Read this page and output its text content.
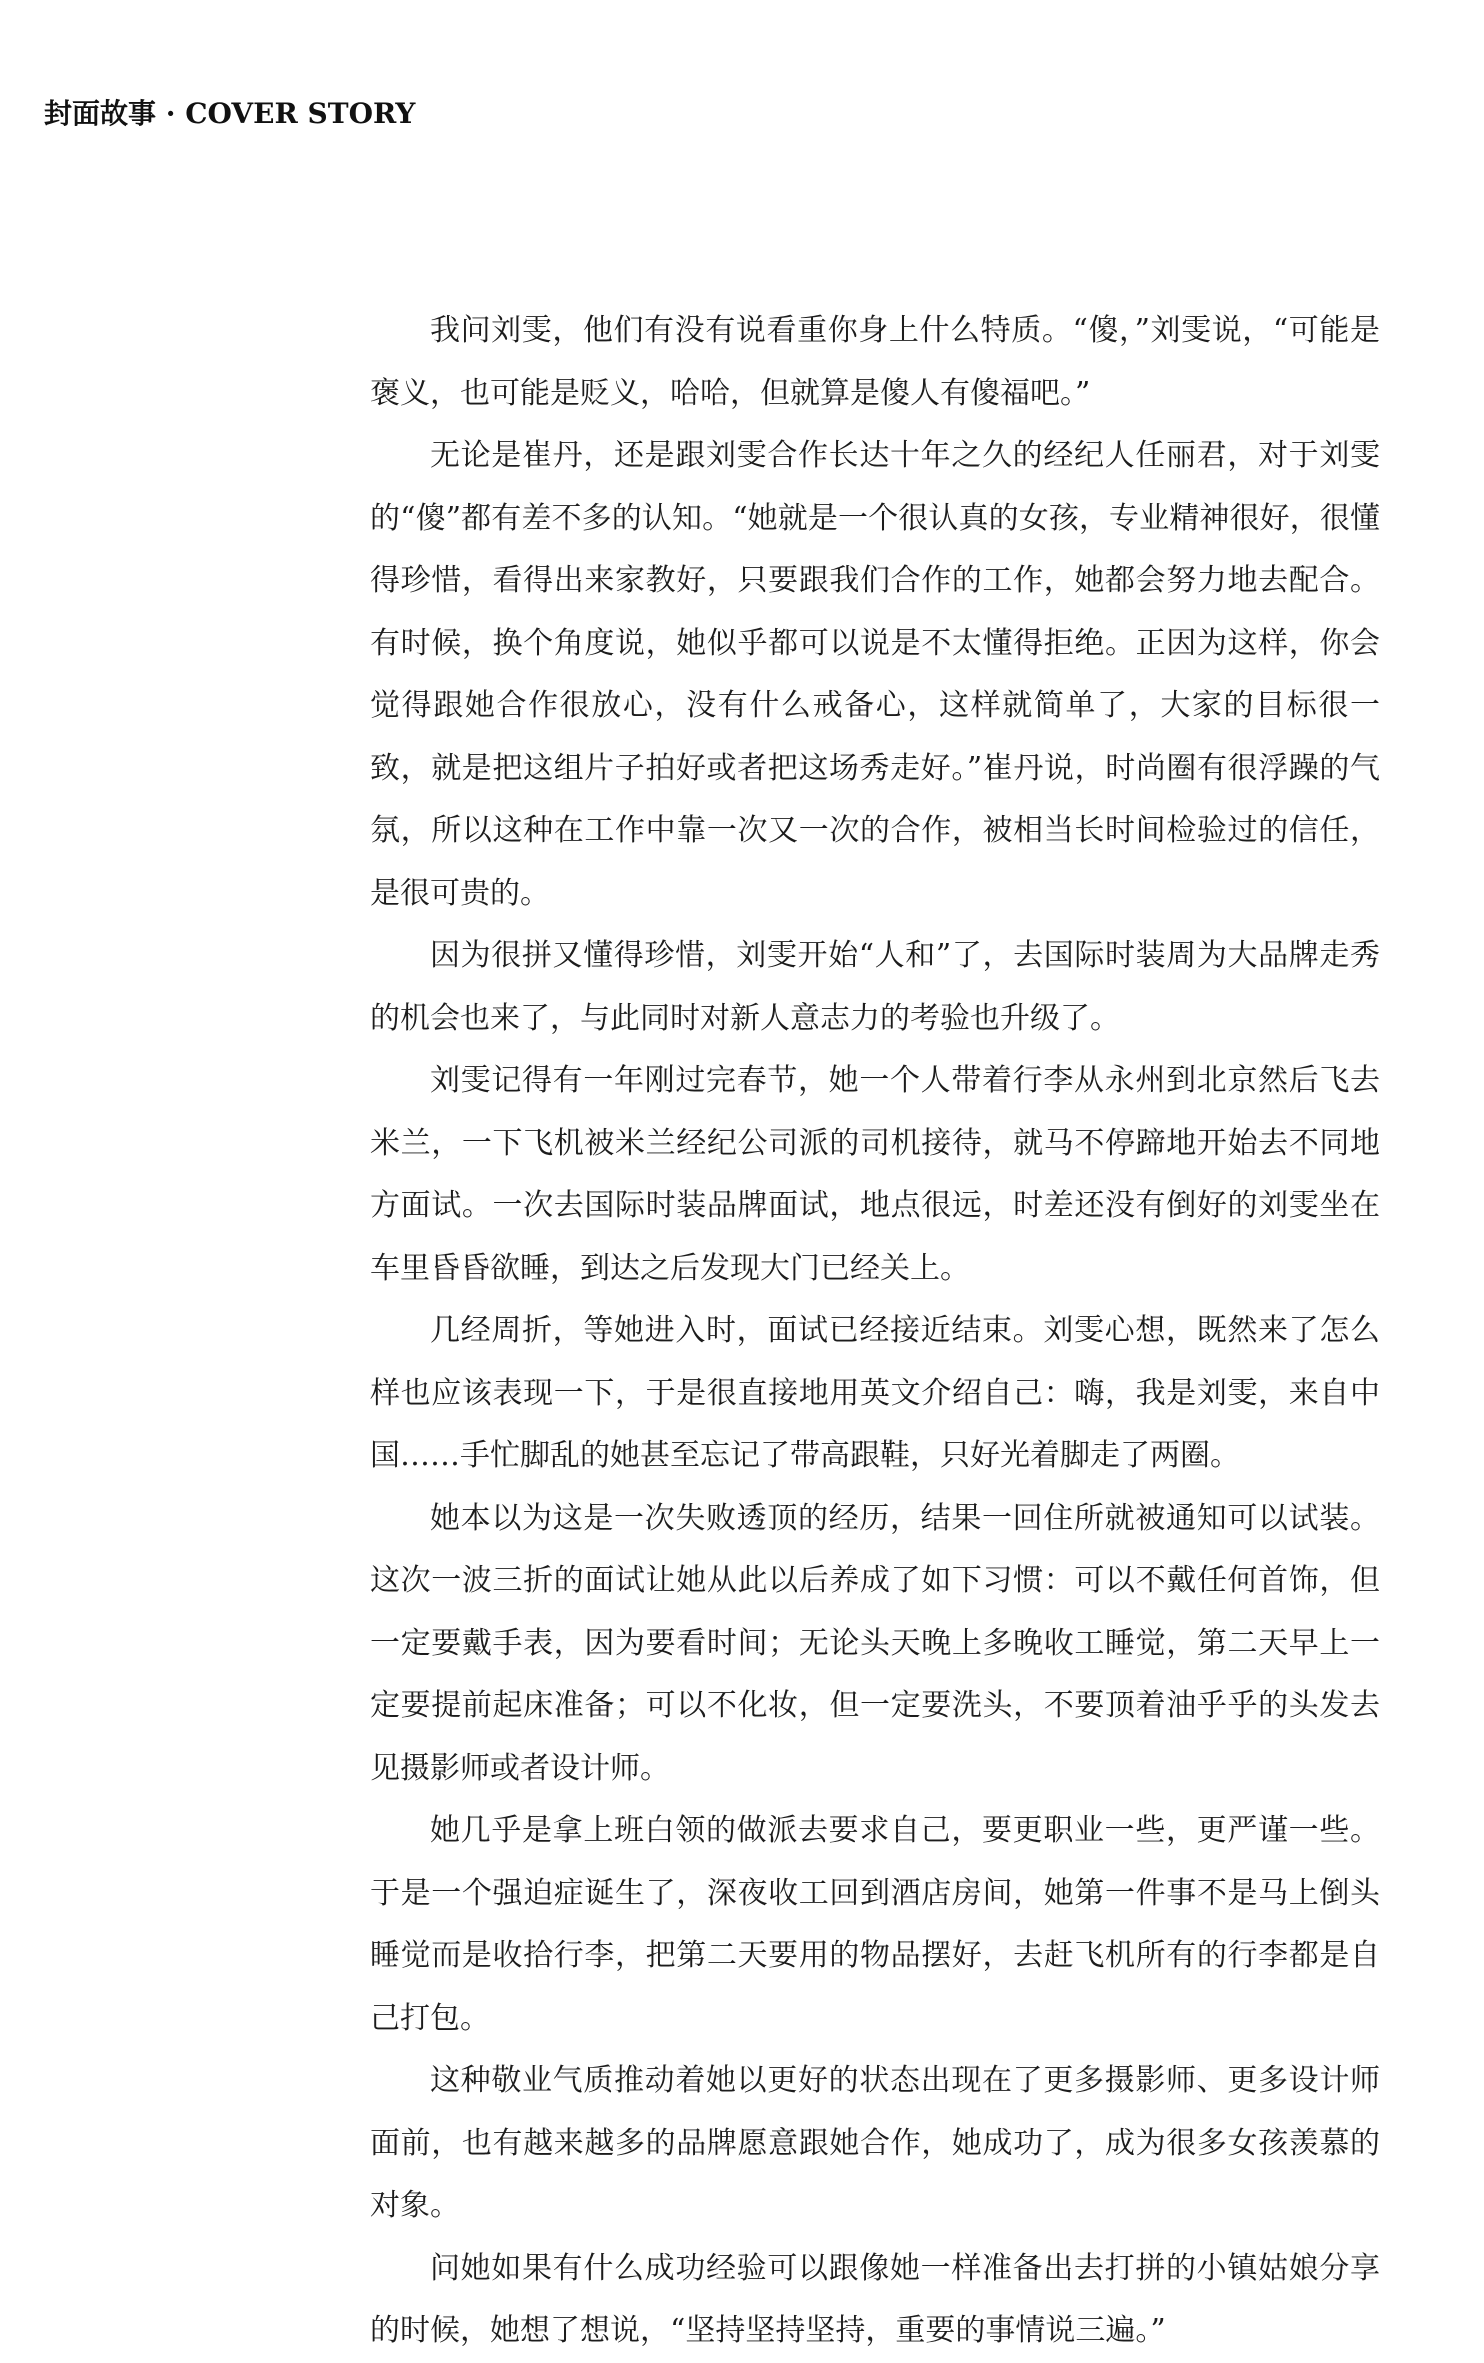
封面故事 · COVER STORY

我问刘雯，他们有没有说看重你身上什么特质。“傻，”刘雯说，“可能是褒义，也可能是贬义，哈哈，但就算是傻人有傻福吧。”

无论是崔丹，还是跟刘雯合作长达十年之久的经纪人任丽君，对于刘雯的“傻”都有差不多的认知。“她就是一个很认真的女孩，专业精神很好，很懂得珍惜，看得出来家教好，只要跟我们合作的工作，她都会努力地去配合。有时候，换个角度说，她似乎都可以说是不太懂得拒绝。正因为这样，你会觉得跟她合作很放心，没有什么戒备心，这样就简单了，大家的目标很一致，就是把这组片子拍好或者把这场秀走好。”崔丹说，时尚圈有很浮躁的气氛，所以这种在工作中靠一次又一次的合作，被相当长时间检验过的信任，是很可贵的。

因为很拼又懂得珍惜，刘雯开始“人和”了，去国际时装周为大品牌走秀的机会也来了，与此同时对新人意志力的考验也升级了。

刘雯记得有一年刚过完春节，她一个人带着行李从永州到北京然后飞去米兰，一下飞机被米兰经纪公司派的司机接待，就马不停蹄地开始去不同地方面试。一次去国际时装品牌面试，地点很远，时差还没有倒好的刘雯坐在车里昏昏欲睡，到达之后发现大门已经关上。

几经周折，等她进入时，面试已经接近结束。刘雯心想，既然来了怎么样也应该表现一下，于是很直接地用英文介绍自己：嗨，我是刘雯，来自中国……手忙脚乱的她甚至忘记了带高跟鞋，只好光着脚走了两圈。

她本以为这是一次失败透顶的经历，结果一回住所就被通知可以试装。这次一波三折的面试让她从此以后养成了如下习惯：可以不戴任何首饰，但一定要戴手表，因为要看时间；无论头天晚上多晚收工睡觉，第二天早上一定要提前起床准备；可以不化妆，但一定要洗头，不要顶着油乎乎的头发去见摄影师或者设计师。

她几乎是拿上班白领的做派去要求自己，要更职业一些，更严谨一些。于是一个强迫症诞生了，深夜收工回到酒店房间，她第一件事不是马上倒头睡觉而是收拾行李，把第二天要用的物品摆好，去赶飞机所有的行李都是自己打包。

这种敬业气质推动着她以更好的状态出现在了更多摄影师、更多设计师面前，也有越来越多的品牌愿意跟她合作，她成功了，成为很多女孩羡慕的对象。

问她如果有什么成功经验可以跟像她一样准备出去打拼的小镇姑娘分享的时候，她想了想说，“坚持坚持坚持，重要的事情说三遍。”
